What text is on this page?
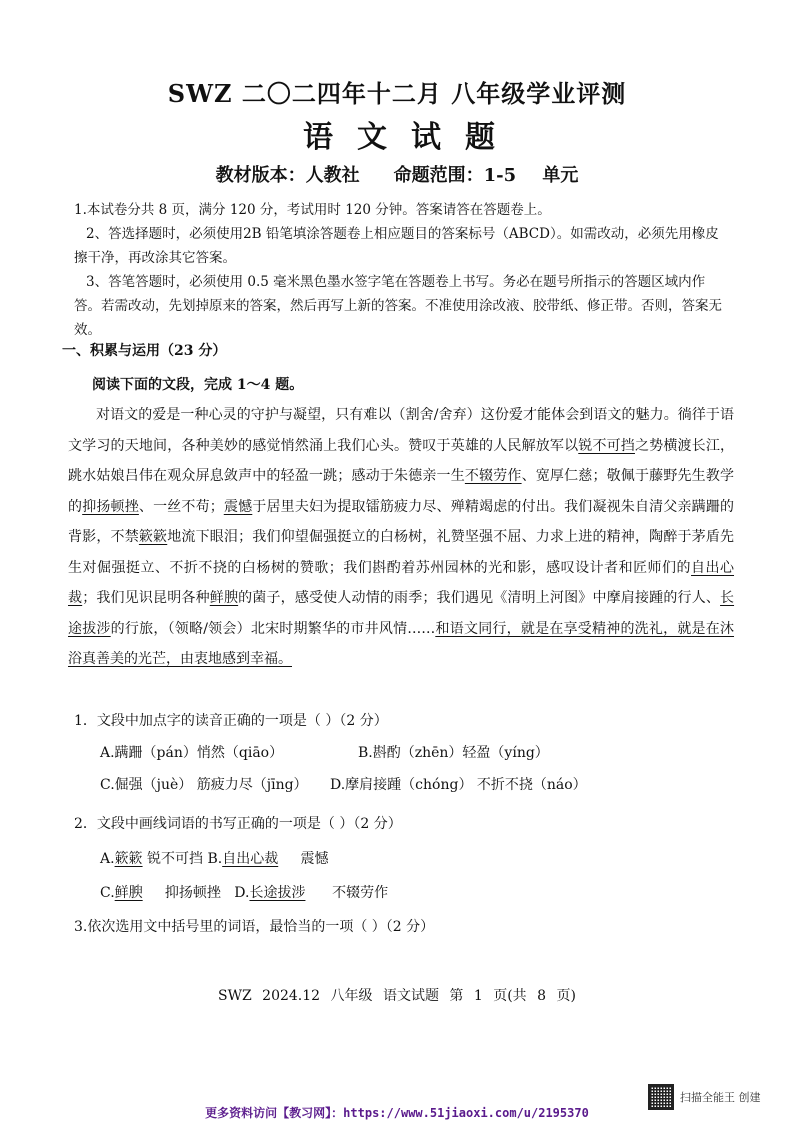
SWZ 二〇二四年十二月 八年级学业评测
语文试题
教材版本：人教社 命题范围：1-5 单元
1.本试卷分共 8 页，满分 120 分，考试用时 120 分钟。答案请答在答题卷上。
2、答选择题时，必须使用2B 铅笔填涂答题卷上相应题目的答案标号（ABCD）。如需改动，必须先用橡皮擦干净，再改涂其它答案。
3、答笔答题时，必须使用 0.5 毫米黑色墨水签字笔在答题卷上书写。务必在题号所指示的答题区域内作答。若需改动，先划掉原来的答案，然后再写上新的答案。不准使用涂改液、胶带纸、修正带。否则，答案无效。
一、积累与运用（23 分）
阅读下面的文段，完成 1～4 题。

对语文的爱是一种心灵的守护与凝望，只有难以（割舍/舍弃）这份爱才能体会到语文的魅力。徜徉于语文学习的天地间，各种美妙的感觉悄然涌上我们心头。赞叹于英雄的人民解放军以锐不可挡之势横渡长江，跳水姑娘吕伟在观众屏息敛声中的轻盈一跳；感动于朱德亲一生不辍劳作、宽厚仁慈；敬佩于藤野先生教学的抑扬顿挫、一丝不苟；震憾于居里夫妇为提取镭筋疲力尽、殚精竭虑的付出。我们凝视朱自清父亲蹒跚的背影，不禁簌簌地流下眼泪；我们仰望倔强挺立的白杨树，礼赞坚强不屈、力求上进的精神，陶醉于茅盾先生对倔强挺立、不折不挠的白杨树的赞歌；我们斟酌着苏州园林的光和影，感叹设计者和匠师们的自出心裁；我们见识昆明各种鲜腴的菌子，感受使人动情的雨季；我们遇见《清明上河图》中摩肩接踵的行人、长途拔涉的行旅，（领略/领会）北宋时期繁华的市井风情……和语文同行，就是在享受精神的洗礼，就是在沐浴真善美的光芒，由衷地感到幸福。

1．文段中加点字的读音正确的一项是（ ）（2 分）
A.蹒跚（pán）悄然（qiāo）	B.斟酌（zhēn）轻盈（yíng）
C.倔强（juè） 筋疲力尽（jīng） D.摩肩接踵（chóng） 不折不挠（náo）
2．文段中画线词语的书写正确的一项是（ ）（2 分）
A.簌簌 锐不可挡 B.自出心裁     震憾
C.鲜腴     抑扬顿挫   D.长途拔涉      不辍劳作
3.依次选用文中括号里的词语，最恰当的一项（ ）（2 分）
SWZ 2024.12 八年级 语文试题 第 1 页(共 8 页)
扫描全能王 创建
更多资料访问【教习网】：https://www.51jiaoxi.com/u/2195370
